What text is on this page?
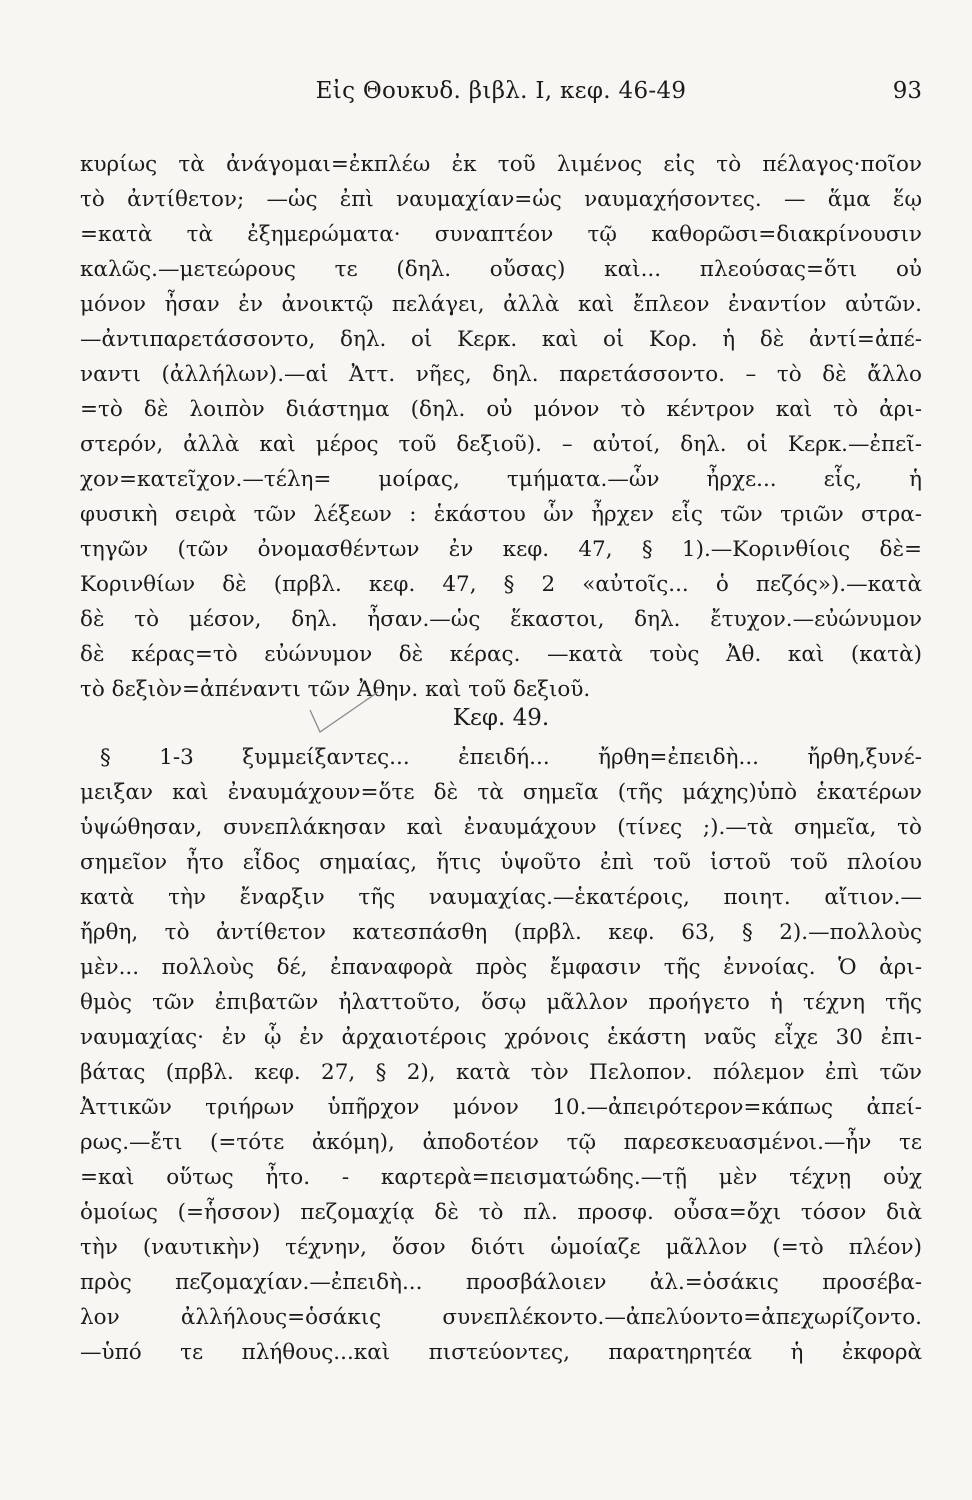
Εἰς Θουκυδ. βιβλ. Ι, κεφ. 46-49	93
κυρίως τὰ ἀνάγομαι=ἐκπλέω ἐκ τοῦ λιμένος εἰς τὸ πέλαγος·ποῖον
τὸ ἀντίθετον; —ὡς ἐπὶ ναυμαχίαν=ὡς ναυμαχήσοντες. — ἅμα ἕῳ
=κατὰ τὰ ἐξημερώματα· συναπτέον τῷ καθορῶσι=διακρίνουσιν
καλῶς.—μετεώρους τε (δηλ. οὔσας) καὶ... πλεούσας=ὅτι οὐ
μόνον ἦσαν ἐν ἀνοικτῷ πελάγει, ἀλλὰ καὶ ἔπλεον ἐναντίον αὐτῶν.
—ἀντιπαρετάσσοντο, δηλ. οἱ Κερκ. καὶ οἱ Κορ. ἡ δὲ ἀντί=ἀπέ-
ναντι (ἀλλήλων).—αἱ Ἀττ. νῆες, δηλ. παρετάσσοντο. – τὸ δὲ ἄλλο
=τὸ δὲ λοιπὸν διάστημα (δηλ. οὐ μόνον τὸ κέντρον καὶ τὸ ἀρι-
στερόν, ἀλλὰ καὶ μέρος τοῦ δεξιοῦ). – αὐτοί, δηλ. οἱ Κερκ.—ἐπεῖ-
χον=κατεῖχον.—τέλη= μοίρας, τμήματα.—ὧν ἦρχε... εἷς, ἡ
φυσικὴ σειρὰ τῶν λέξεων : ἑκάστου ὧν ἦρχεν εἷς τῶν τριῶν στρα-
τηγῶν (τῶν ὀνομασθέντων ἐν κεφ. 47, § 1).—Κορινθίοις δὲ=
Κορινθίων δὲ (πρβλ. κεφ. 47, § 2 «αὐτοῖς... ὁ πεζός»).—κατὰ
δὲ τὸ μέσον, δηλ. ἦσαν.—ὡς ἕκαστοι, δηλ. ἔτυχον.—εὐώνυμον
δὲ κέρας=τὸ εὐώνυμον δὲ κέρας. —κατὰ τοὺς Ἀθ. καὶ (κατὰ)
τὸ δεξιὸν=ἀπέναντι τῶν Ἀθην. καὶ τοῦ δεξιοῦ.
Κεφ. 49.
§ 1-3 ξυμμείξαντες... ἐπειδή... ἤρθη=ἐπειδὴ... ἤρθη,ξυνέ-
μειξαν καὶ ἐναυμάχουν=ὅτε δὲ τὰ σημεῖα (τῆς μάχης)ὑπὸ ἑκατέρων
ὑψώθησαν, συνεπλάκησαν καὶ ἐναυμάχουν (τίνες ;).—τὰ σημεῖα, τὸ
σημεῖον ἦτο εἶδος σημαίας, ἥτις ὑψοῦτο ἐπὶ τοῦ ἱστοῦ τοῦ πλοίου
κατὰ τὴν ἔναρξιν τῆς ναυμαχίας.—ἑκατέροις, ποιητ. αἴτιον.—
ἤρθη, τὸ ἀντίθετον κατεσπάσθη (πρβλ. κεφ. 63, § 2).—πολλοὺς
μὲν... πολλοὺς δέ, ἐπαναφορὰ πρὸς ἔμφασιν τῆς ἐννοίας. Ὁ ἀρι-
θμὸς τῶν ἐπιβατῶν ἠλαττοῦτο, ὅσῳ μᾶλλον προήγετο ἡ τέχνη τῆς
ναυμαχίας· ἐν ᾧ ἐν ἀρχαιοτέροις χρόνοις ἑκάστη ναῦς εἶχε 30 ἐπι-
βάτας (πρβλ. κεφ. 27, § 2), κατὰ τὸν Πελοπον. πόλεμον ἐπὶ τῶν
Ἀττικῶν τριήρων ὑπῆρχον μόνον 10.—ἀπειρότερον=κάπως ἀπεί-
ρως.—ἔτι (=τότε ἀκόμη), ἀποδοτέον τῷ παρεσκευασμένοι.—ἦν τε
=καὶ οὕτως ἦτο. - καρτερὰ=πεισματώδης.—τῇ μὲν τέχνῃ οὐχ
ὁμοίως (=ἧσσον) πεζομαχίᾳ δὲ τὸ πλ. προσφ. οὖσα=ὄχι τόσον διὰ
τὴν (ναυτικὴν) τέχνην, ὅσον διότι ὡμοίαζε μᾶλλον (=τὸ πλέον)
πρὸς πεζομαχίαν.—ἐπειδὴ... προσβάλοιεν ἀλ.=ὁσάκις προσέβα-
λον ἀλλήλους=ὁσάκις συνεπλέκοντο.—ἀπελύοντο=ἀπεχωρίζοντο.
—ὑπό τε πλήθους...καὶ πιστεύοντες, παρατηρητέα ἡ ἐκφορὰ
